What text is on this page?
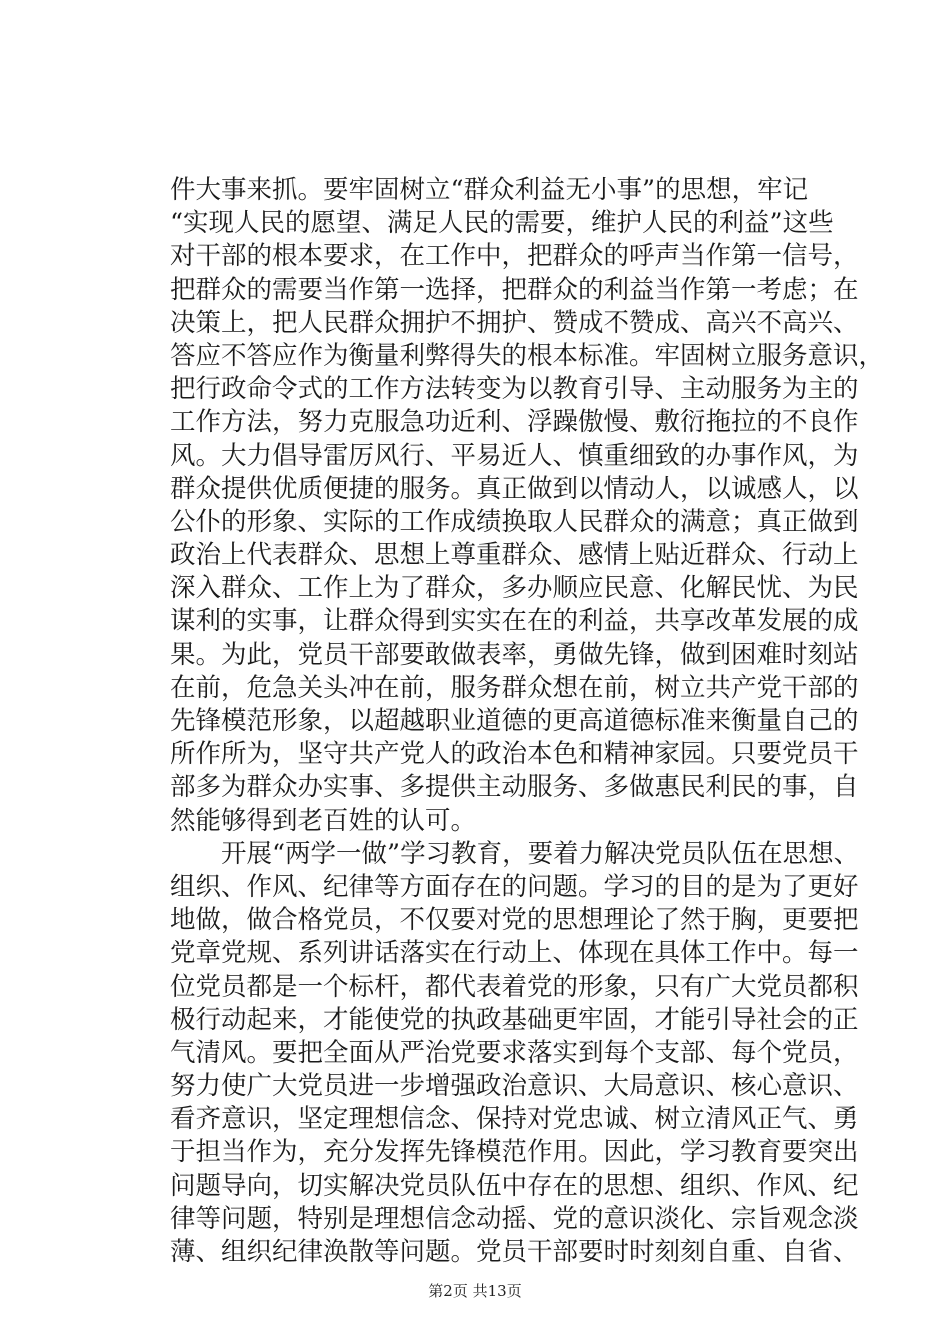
件大事来抓。要牢固树立“群众利益无小事”的思想，牢记
“实现人民的愿望、满足人民的需要，维护人民的利益”这些
对干部的根本要求，在工作中，把群众的呼声当作第一信号，
把群众的需要当作第一选择，把群众的利益当作第一考虑；在
决策上，把人民群众拥护不拥护、赞成不赞成、高兴不高兴、
答应不答应作为衡量利弊得失的根本标准。牢固树立服务意识，
把行政命令式的工作方法转变为以教育引导、主动服务为主的
工作方法，努力克服急功近利、浮躁傲慢、敷衍拖拉的不良作
风。大力倡导雷厉风行、平易近人、慎重细致的办事作风，为
群众提供优质便捷的服务。真正做到以情动人，以诚感人，以
公仆的形象、实际的工作成绩换取人民群众的满意；真正做到
政治上代表群众、思想上尊重群众、感情上贴近群众、行动上
深入群众、工作上为了群众，多办顺应民意、化解民忧、为民
谋利的实事，让群众得到实实在在的利益，共享改革发展的成
果。为此，党员干部要敢做表率，勇做先锋，做到困难时刻站
在前，危急关头冲在前，服务群众想在前，树立共产党干部的
先锋模范形象，以超越职业道德的更高道德标准来衡量自己的
所作所为，坚守共产党人的政治本色和精神家园。只要党员干
部多为群众办实事、多提供主动服务、多做惠民利民的事，自
然能够得到老百姓的认可。
　　开展“两学一做”学习教育，要着力解决党员队伍在思想、
组织、作风、纪律等方面存在的问题。学习的目的是为了更好
地做，做合格党员，不仅要对党的思想理论了然于胸，更要把
党章党规、系列讲话落实在行动上、体现在具体工作中。每一
位党员都是一个标杆，都代表着党的形象，只有广大党员都积
极行动起来，才能使党的执政基础更牢固，才能引导社会的正
气清风。要把全面从严治党要求落实到每个支部、每个党员，
努力使广大党员进一步增强政治意识、大局意识、核心意识、
看齐意识，坚定理想信念、保持对党忠诚、树立清风正气、勇
于担当作为，充分发挥先锋模范作用。因此，学习教育要突出
问题导向，切实解决党员队伍中存在的思想、组织、作风、纪
律等问题，特别是理想信念动摇、党的意识淡化、宗旨观念淡
薄、组织纪律涣散等问题。党员干部要时时刻刻自重、自省、
第2页 共13页
